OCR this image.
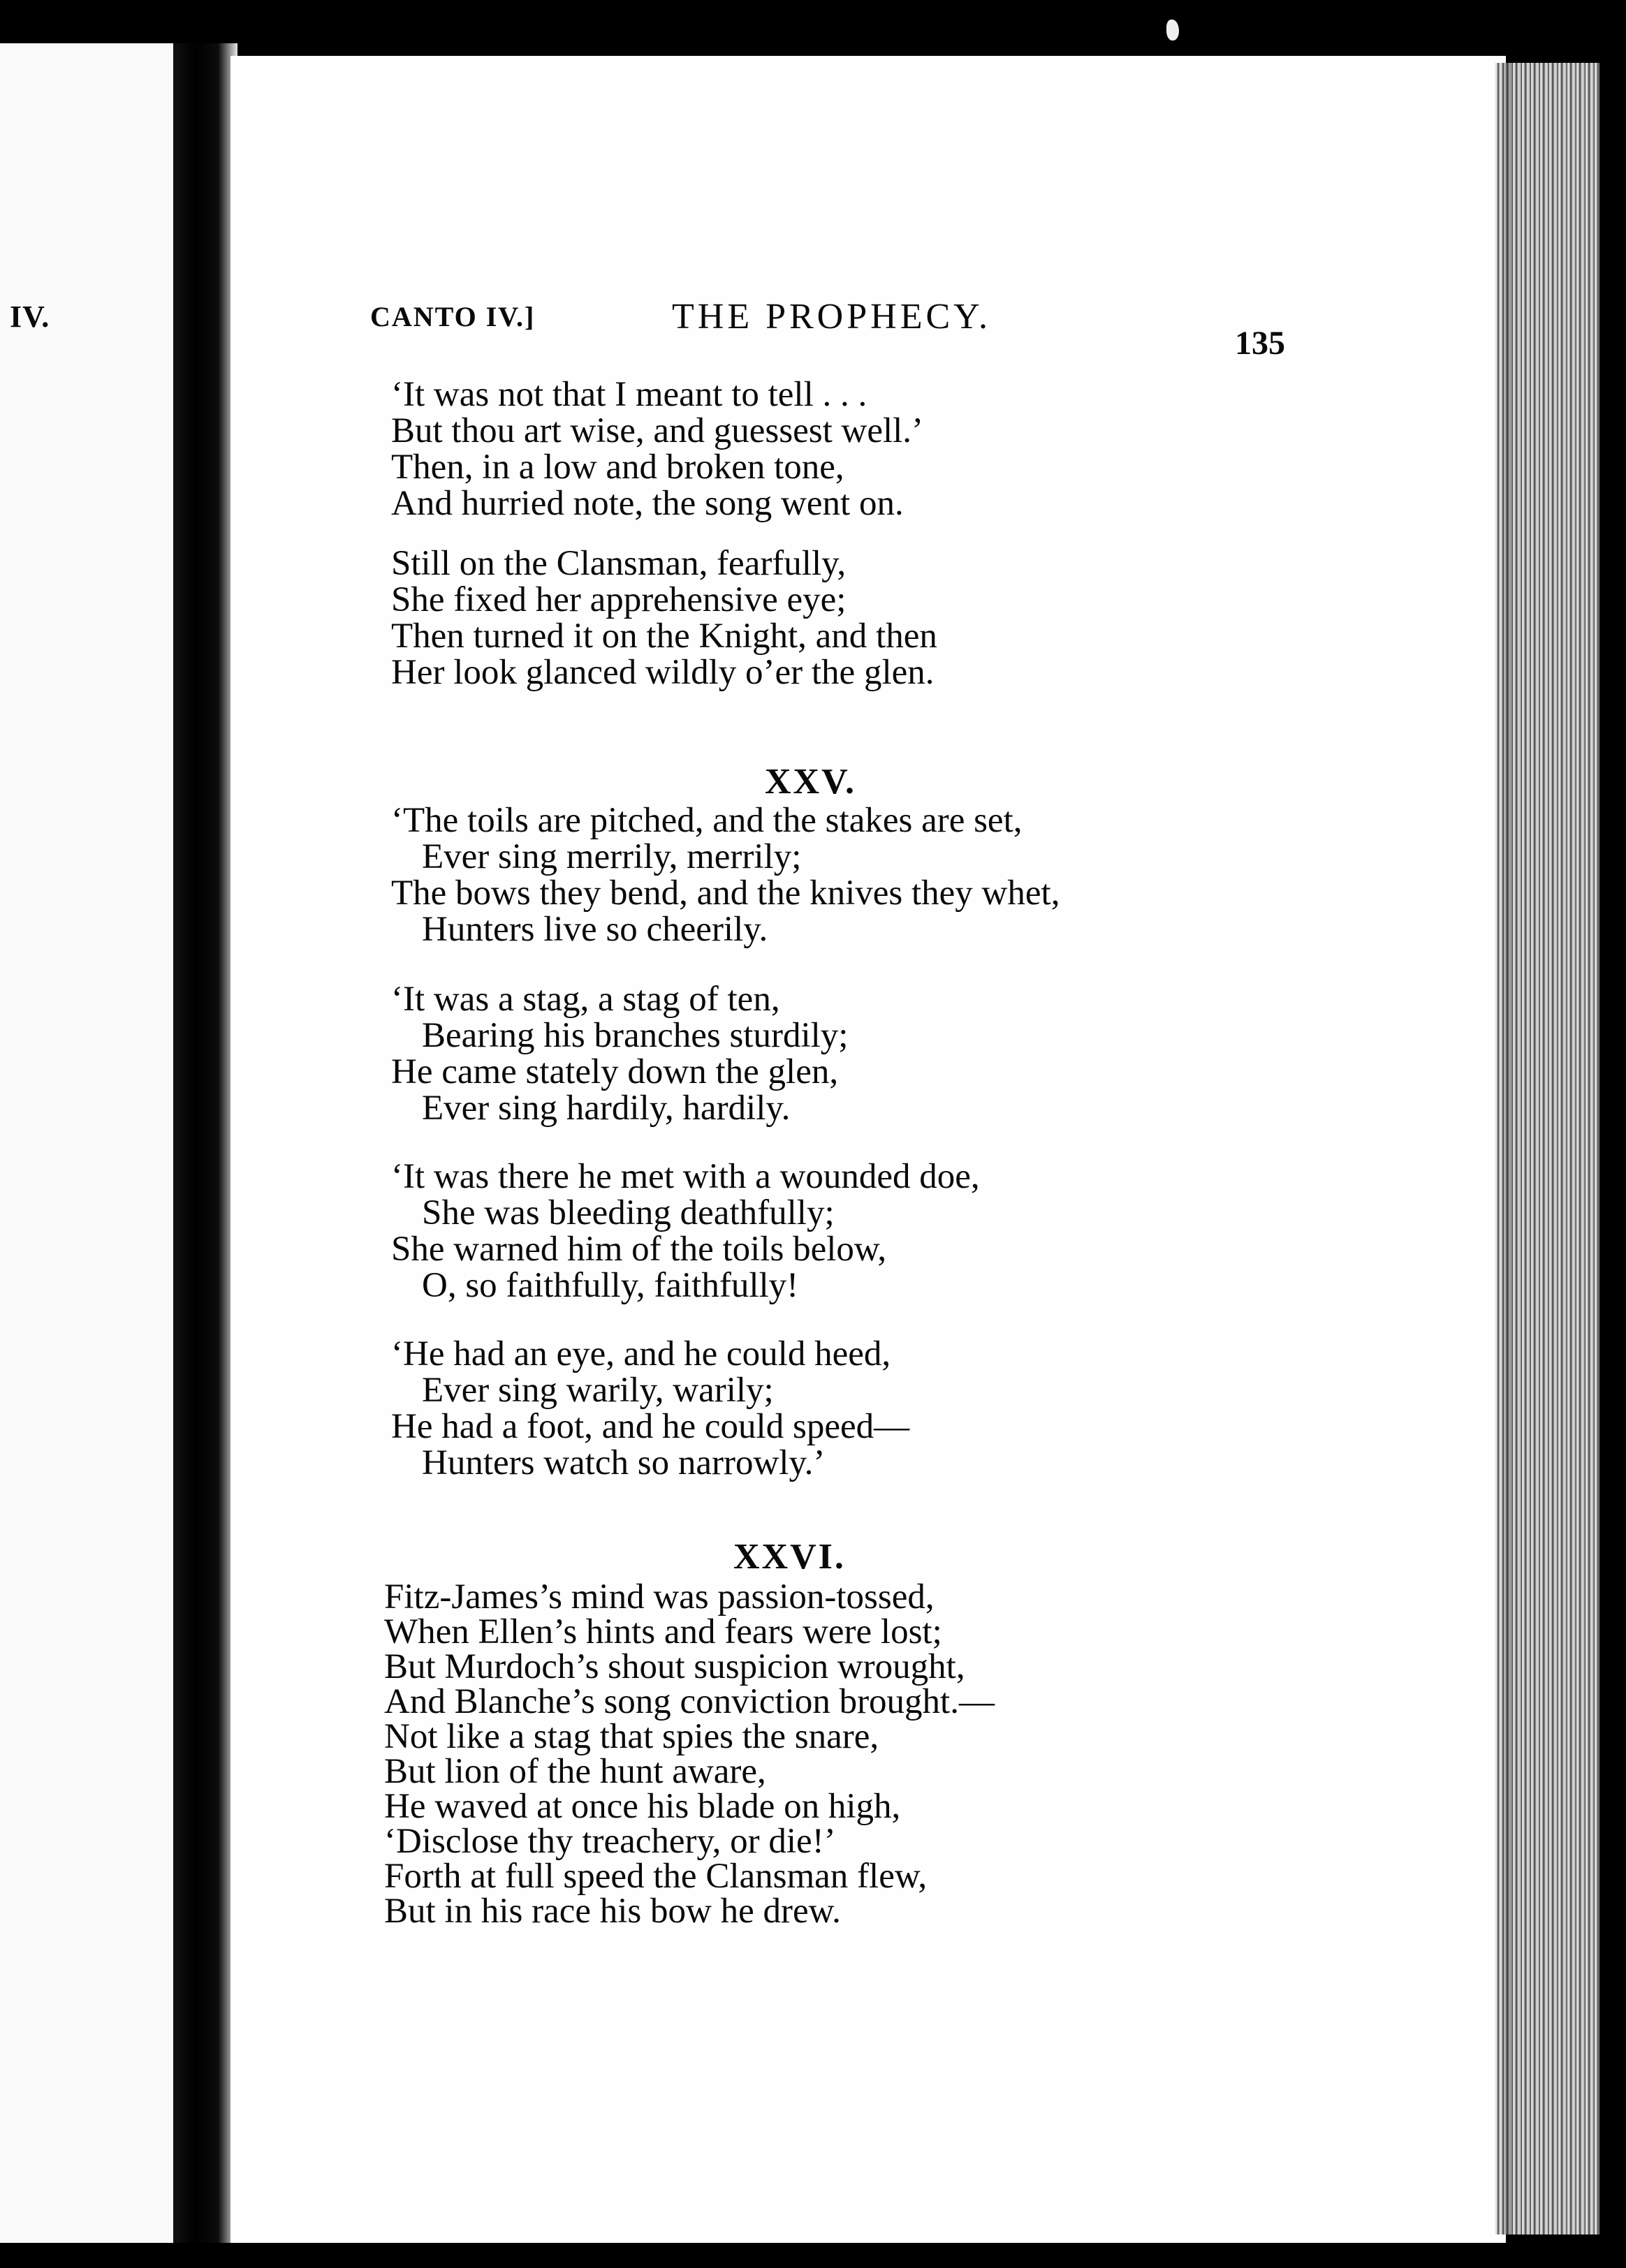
IV.	CANTO IV.]	THE PROPHECY.
135
‘It was not that I meant to tell . . .
But thou art wise, and guessest well.’
Then, in a low and broken tone,
And hurried note, the song went on.
Still on the Clansman, fearfully,
She fixed her apprehensive eye;
Then turned it on the Knight, and then
Her look glanced wildly o’er the glen.
XXV.
‘The toils are pitched, and the stakes are set,
Ever sing merrily, merrily;
The bows they bend, and the knives they whet,
Hunters live so cheerily.
‘It was a stag, a stag of ten,
Bearing his branches sturdily;
He came stately down the glen,
Ever sing hardily, hardily.
‘It was there he met with a wounded doe,
She was bleeding deathfully;
She warned him of the toils below,
O, so faithfully, faithfully!
‘He had an eye, and he could heed,
Ever sing warily, warily;
He had a foot, and he could speed—
Hunters watch so narrowly.’
XXVI.
Fitz-James’s mind was passion-tossed,
When Ellen’s hints and fears were lost;
But Murdoch’s shout suspicion wrought,
And Blanche’s song conviction brought.—
Not like a stag that spies the snare,
But lion of the hunt aware,
He waved at once his blade on high,
‘Disclose thy treachery, or die!’
Forth at full speed the Clansman flew,
But in his race his bow he drew.
